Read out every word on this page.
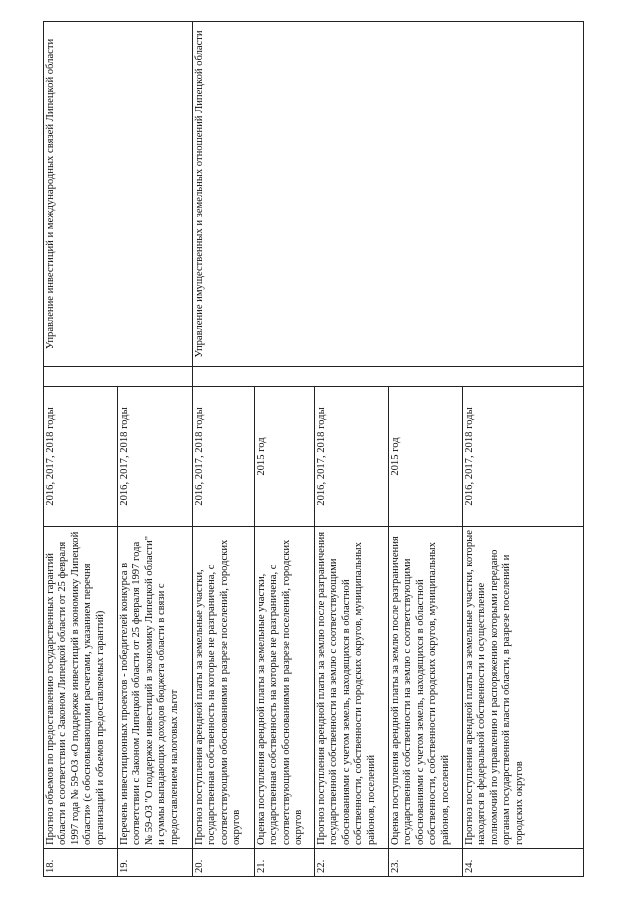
18.	Прогноз объемов по предоставлению государственных гарантий области в соответствии с Законом Липецкой области от 25 февраля 1997 года № 59-ОЗ «О поддержке инвестиций в экономику Липецкой области» (с обосновывающими расчетами, указанием перечня организаций и объемов предоставляемых гарантий)	2016, 2017, 2018 годы		Управление инвестиций и международных связей Липецкой области
19.	Перечень инвестиционных проектов - победителей конкурса в соответствии с Законом Липецкой области от 25 февраля 1997 года № 59-ОЗ "О поддержке инвестиций в экономику Липецкой области" и суммы выпадающих доходов бюджета области в связи с предоставлением налоговых льгот	2016, 2017, 2018 годы		
20.	Прогноз поступления арендной платы за земельные участки, государственная собственность на которые не разграничена, с соответствующими обоснованиями в разрезе поселений, городских округов	2016, 2017, 2018 годы		Управление имущественных и земельных отношений Липецкой области
21.	Оценка поступления арендной платы за земельные участки, государственная собственность на которые не разграничена, с соответствующими обоснованиями в разрезе поселений, городских округов	2015 год		
22.	Прогноз поступления арендной платы за землю после разграничения государственной собственности на землю с соответствующими обоснованиями с учетом земель, находящихся в областной собственности, собственности городских округов, муниципальных районов, поселений	2016, 2017, 2018 годы		
23.	Оценка поступления арендной платы за землю после разграничения государственной собственности на землю с соответствующими обоснованиями с учетом земель, находящихся в областной собственности, собственности городских округов, муниципальных районов, поселений	2015 год		
24.	Прогноз поступления арендной платы за земельные участки, которые находятся в федеральной собственности и осуществление полномочий по управлению и распоряжению которыми передано органам государственной власти области, в разрезе поселений и городских округов	2016, 2017, 2018 годы		
